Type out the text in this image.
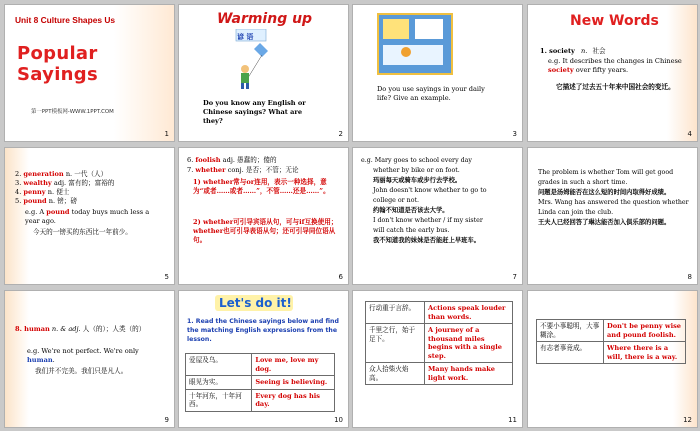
Unit 8 Culture Shapes Us
Popular Sayings
第一PPT模板网-WWW.1PPT.COM
1
Warming up
谚 语
Do you know any English or Chinese sayings? What are they?
2
Do you use sayings in your daily life? Give an example.
3
New Words
1. society n. 社会
e.g. It describes the changes in Chinese society over fifty years.
它描述了过去五十年来中国社会的变迁。
4
2. generation n. 一代（人）
3. wealthy adj. 富有的；富裕的
4. penny n. 便士
5. pound n. 镑；磅
e.g. A pound today buys much less a year ago.
今天的一镑买的东西比一年前少。
5
6. foolish adj. 愚蠢的；傻的
7. whether conj. 是否；不管；无论
1) whether常与or连用，表示一种选择，意为“或者……或者……”，不管……还是……”。
2) whether可引导宾语从句，可与if互换使用；whether也可引导表语从句；还可引导同位语从句。
6
e.g. Mary goes to school every day
whether by bike or on foot.
玛丽每天或骑车或步行去学校。
John doesn't know whether to go to
college or not.
约翰不知道是否该去大学。
I don't know whether / if my sister
will catch the early bus.
我不知道我的妹妹是否能赶上早班车。
7
The problem is whether Tom will get good
grades in such a short time.
问题是汤姆能否在这么短的时间内取得好成绩。
Mrs. Wang has answered the question whether
Linda can join the club.
王夫人已经回答了琳达能否加入俱乐部的问题。
8
8. human n. & adj. 人（的）；人类（的）
e.g. We're not perfect. We're only human.
我们并不完美。我们只是凡人。
9
Let's do it!
1. Read the Chinese sayings below and find the matching English expressions from the lesson.
爱屋及乌。	Love me, love my dog.
眼见为实。	Seeing is believing.
十年河东，十年河西。	Every dog has his day.
10
行动重于言辞。	Actions speak louder than words.
千里之行，始于足下。	A journey of a thousand miles begins with a single step.
众人拾柴火焰高。	Many hands make light work.
11
不要小事聪明，大事糊涂。	Don't be penny wise and pound foolish.
有志者事竟成。	Where there is a will, there is a way.
12
